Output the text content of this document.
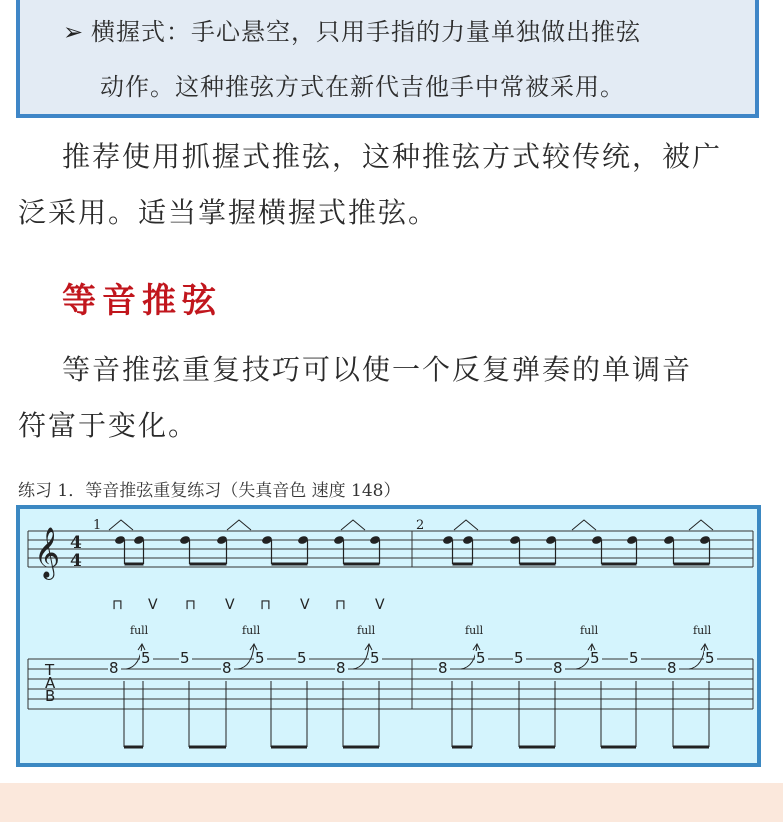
➢ 横握式：手心悬空，只用手指的力量单独做出推弦
动作。这种推弦方式在新代吉他手中常被采用。
推荐使用抓握式推弦，这种推弦方式较传统，被广
泛采用。适当掌握横握式推弦。
等音推弦
等音推弦重复技巧可以使一个反复弹奏的单调音
符富于变化。
练习 1．等音推弦重复练习（失真音色 速度 148）
𝄞 4
4
T
A
B
1	2
⊓ V ⊓ V ⊓ V ⊓ V
full	full	full	full	full	full
8
5 5
8
5 5
8
5
8
5 5
8
5 5
8
5
